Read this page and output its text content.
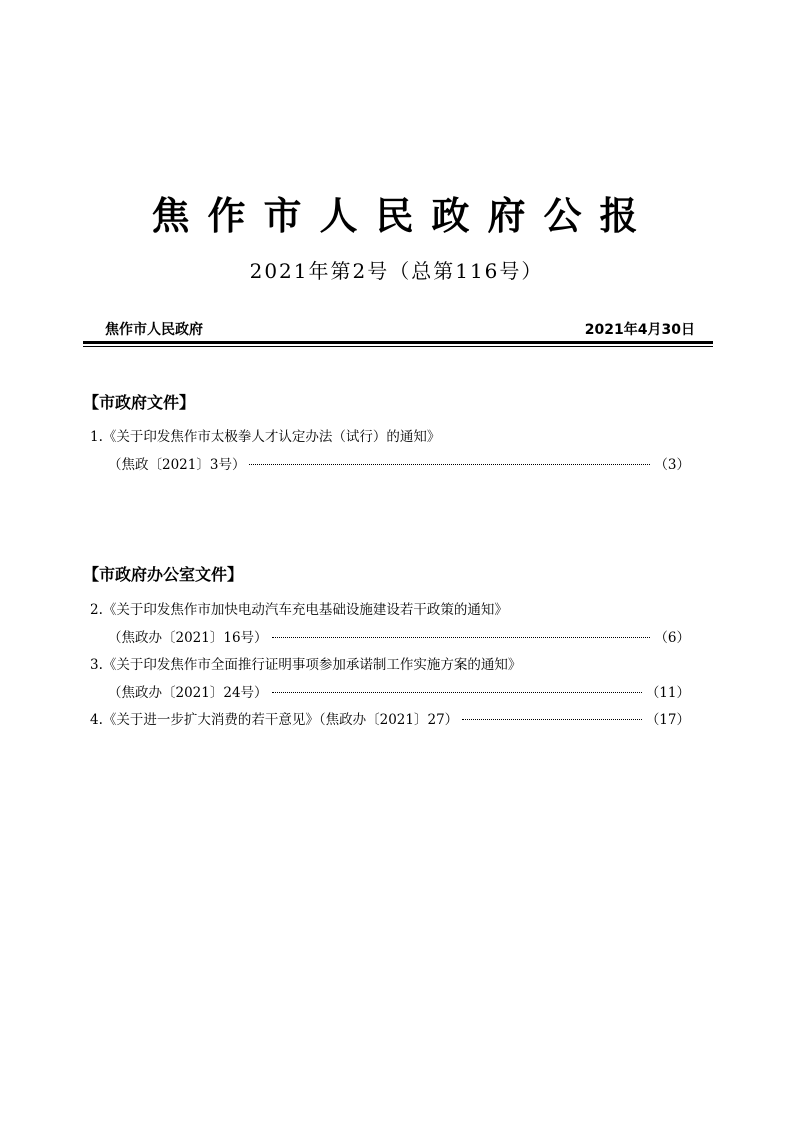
焦作市人民政府公报
2021年第2号（总第116号）
焦作市人民政府	2021年4月30日
【市政府文件】
1.《关于印发焦作市太极拳人才认定办法（试行）的通知》
（焦政〔2021〕3号）	（3）
【市政府办公室文件】
2.《关于印发焦作市加快电动汽车充电基础设施建设若干政策的通知》
（焦政办〔2021〕16号）	（6）
3.《关于印发焦作市全面推行证明事项参加承诺制工作实施方案的通知》
（焦政办〔2021〕24号）	（11）
4.《关于进一步扩大消费的若干意见》（焦政办〔2021〕27）	（17）
